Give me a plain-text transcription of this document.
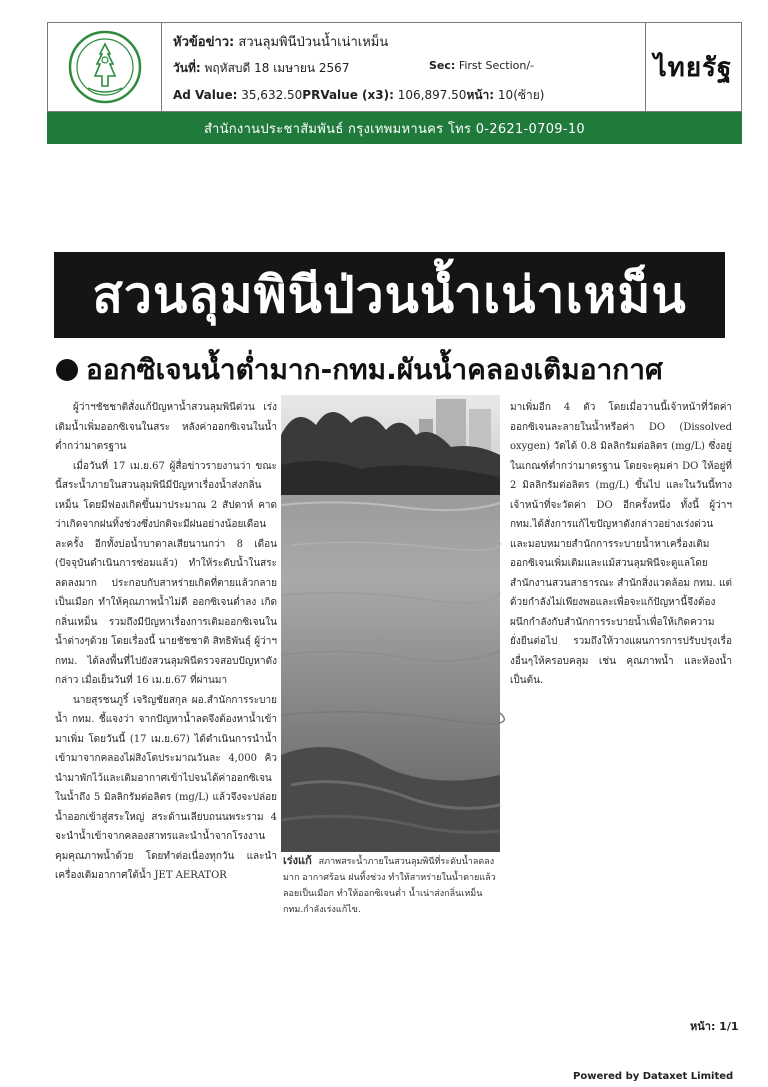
หัวข้อข่าว: สวนลุมพินีป่วนน้ำเน่าเหม็น
วันที่: พฤหัสบดี 18 เมษายน 2567	Sec: First Section/-
Ad Value: 35,632.50PRValue (x3): 106,897.50หน้า: 10(ซ้าย)
ไทยรัฐ
สำนักงานประชาสัมพันธ์ กรุงเทพมหานคร โทร 0-2621-0709-10
สวนลุมพินีป่วนน้ำเน่าเหม็น
ออกซิเจนน้ำต่ำมาก-กทม.ผันน้ำคลองเติมอากาศ

ผู้ว่าฯชัชชาติสั่งแก้ปัญหาน้ำสวนลุมพินีด่วน เร่งเติมน้ำเพิ่มออกซิเจนในสระ หลังค่าออกซิเจนในน้ำต่ำกว่ามาตรฐาน

เมื่อวันที่ 17 เม.ย.67 ผู้สื่อข่าวรายงานว่า ขณะนี้สระน้ำภายในสวนลุมพินีมีปัญหาเรื่องน้ำส่งกลิ่นเหม็น โดยมีฟองเกิดขึ้นมาประมาณ 2 สัปดาห์ คาดว่าเกิดจากฝนทิ้งช่วงซึ่งปกติจะมีฝนอย่างน้อยเดือนละครั้ง อีกทั้งบ่อน้ำบาดาลเสียนานกว่า 8 เดือน (ปัจจุบันดำเนินการซ่อมแล้ว) ทำให้ระดับน้ำในสระลดลงมาก ประกอบกับสาหร่ายเกิดที่ตายแล้วกลายเป็นเมือก ทำให้คุณภาพน้ำไม่ดี ออกซิเจนต่ำลง เกิดกลิ่นเหม็น รวมถึงมีปัญหาเรื่องการเติมออกซิเจนในน้ำต่างๆด้วย โดยเรื่องนี้ นายชัชชาติ สิทธิพันธุ์ ผู้ว่าฯ กทม. ได้ลงพื้นที่ไปยังสวนลุมพินีตรวจสอบปัญหาดังกล่าว เมื่อเย็นวันที่ 16 เม.ย.67 ที่ผ่านมา

นายสุรชนภูริ์ เจริญชัยสกุล ผอ.สำนักการระบายน้ำ กทม. ชี้แจงว่า จากปัญหาน้ำลดจึงต้องหาน้ำเข้ามาเพิ่ม โดยวันนี้ (17 เม.ย.67) ได้ดำเนินการนำน้ำเข้ามาจากคลองไผ่สิงโตประมาณวันละ 4,000 คิว นำมาพักไว้และเติมอากาศเข้าไปจนได้ค่าออกซิเจนในน้ำถึง 5 มิลลิกรัมต่อลิตร (mg/L) แล้วจึงจะปล่อยน้ำออกเข้าสู่สระใหญ่ สระด้านเลียบถนนพระราม 4 จะนำน้ำเข้าจากคลองสาทรและนำน้ำจากโรงงานคุมคุณภาพน้ำด้วย โดยทำต่อเนื่องทุกวัน และนำเครื่องเติมอากาศใต้น้ำ JET AERATOR

เร่งแก้ สภาพสระน้ำภายในสวนลุมพินีที่ระดับน้ำลดลงมาก อากาศร้อน ฝนทิ้งช่วง ทำให้สาหร่ายในน้ำตายแล้วลอยเป็นเมือก ทำให้ออกซิเจนต่ำ น้ำเน่าส่งกลิ่นเหม็น กทม.กำลังเร่งแก้ไข.

มาเพิ่มอีก 4 ตัว โดยเมื่อวานนี้เจ้าหน้าที่วัดค่าออกซิเจนละลายในน้ำหรือค่า DO (Dissolved oxygen) วัดได้ 0.8 มิลลิกรัมต่อลิตร (mg/L) ซึ่งอยู่ในเกณฑ์ต่ำกว่ามาตรฐาน โดยจะคุมค่า DO ให้อยู่ที่ 2 มิลลิกรัมต่อลิตร (mg/L) ขึ้นไป และในวันนี้ทางเจ้าหน้าที่จะวัดค่า DO อีกครั้งหนึ่ง ทั้งนี้ ผู้ว่าฯ กทม.ได้สั่งการแก้ไขปัญหาดังกล่าวอย่างเร่งด่วน และมอบหมายสำนักการระบายน้ำหาเครื่องเติมออกซิเจนเพิ่มเติมและแม้สวนลุมพินีจะดูแลโดยสำนักงานสวนสาธารณะ สำนักสิ่งแวดล้อม กทม. แต่ด้วยกำลังไม่เพียงพอและเพื่อจะแก้ปัญหานี้จึงต้องผนึกกำลังกับสำนักการระบายน้ำเพื่อให้เกิดความยั่งยืนต่อไป รวมถึงให้วางแผนการการปรับปรุงเรื่องอื่นๆให้ครอบคลุม เช่น คุณภาพน้ำ และห้องน้ำ เป็นต้น.

หน้า: 1/1
Powered by Dataxet Limited
